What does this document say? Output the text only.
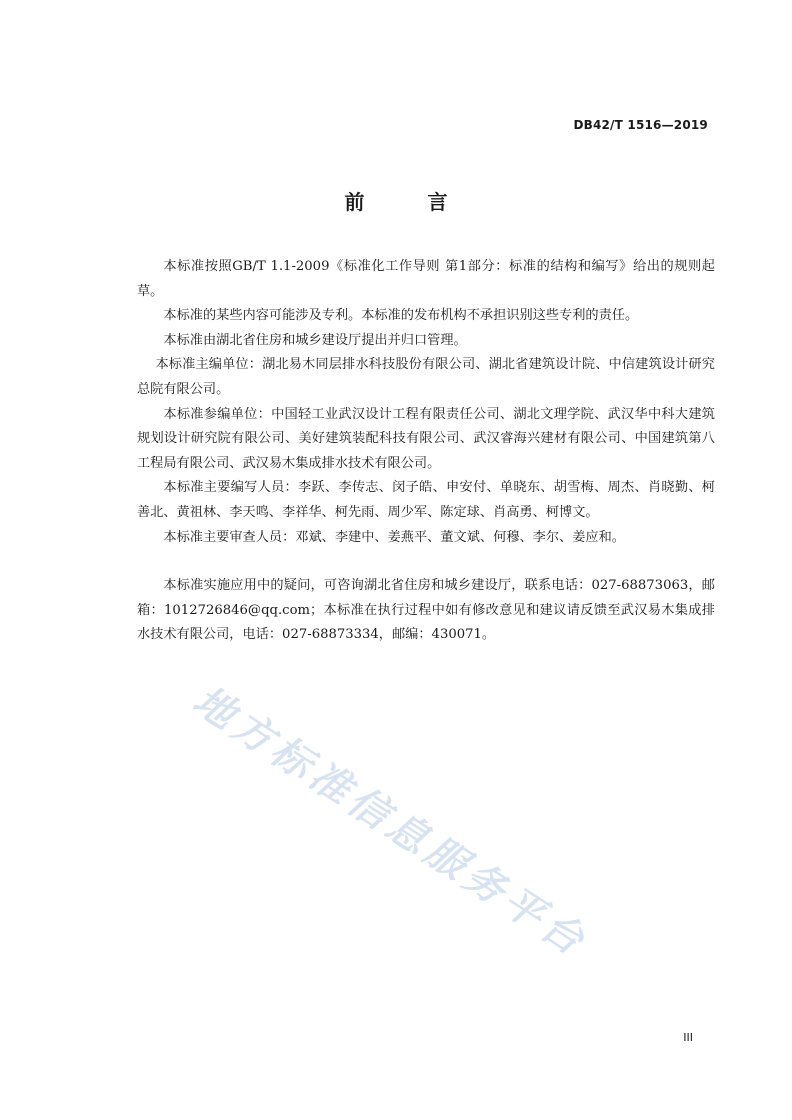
DB42/T 1516—2019
前 言

本标准按照GB/T 1.1-2009《标准化工作导则 第1部分：标准的结构和编写》给出的规则起草。

本标准的某些内容可能涉及专利。本标准的发布机构不承担识别这些专利的责任。

本标准由湖北省住房和城乡建设厅提出并归口管理。

本标准主编单位：湖北易木同层排水科技股份有限公司、湖北省建筑设计院、中信建筑设计研究总院有限公司。

本标准参编单位：中国轻工业武汉设计工程有限责任公司、湖北文理学院、武汉华中科大建筑规划设计研究院有限公司、美好建筑装配科技有限公司、武汉睿海兴建材有限公司、中国建筑第八工程局有限公司、武汉易木集成排水技术有限公司。

本标准主要编写人员：李跃、李传志、闵子皓、申安付、单晓东、胡雪梅、周杰、肖晓勤、柯善北、黄祖林、李天鸣、李祥华、柯先雨、周少军、陈定球、肖高勇、柯博文。

本标准主要审查人员：邓斌、李建中、姜燕平、董文斌、何穆、李尔、姜应和。

本标准实施应用中的疑问，可咨询湖北省住房和城乡建设厅，联系电话：027-68873063，邮箱：1012726846@qq.com；本标准在执行过程中如有修改意见和建议请反馈至武汉易木集成排水技术有限公司，电话：027-68873334，邮编：430071。

地方标准信息服务平台
III
